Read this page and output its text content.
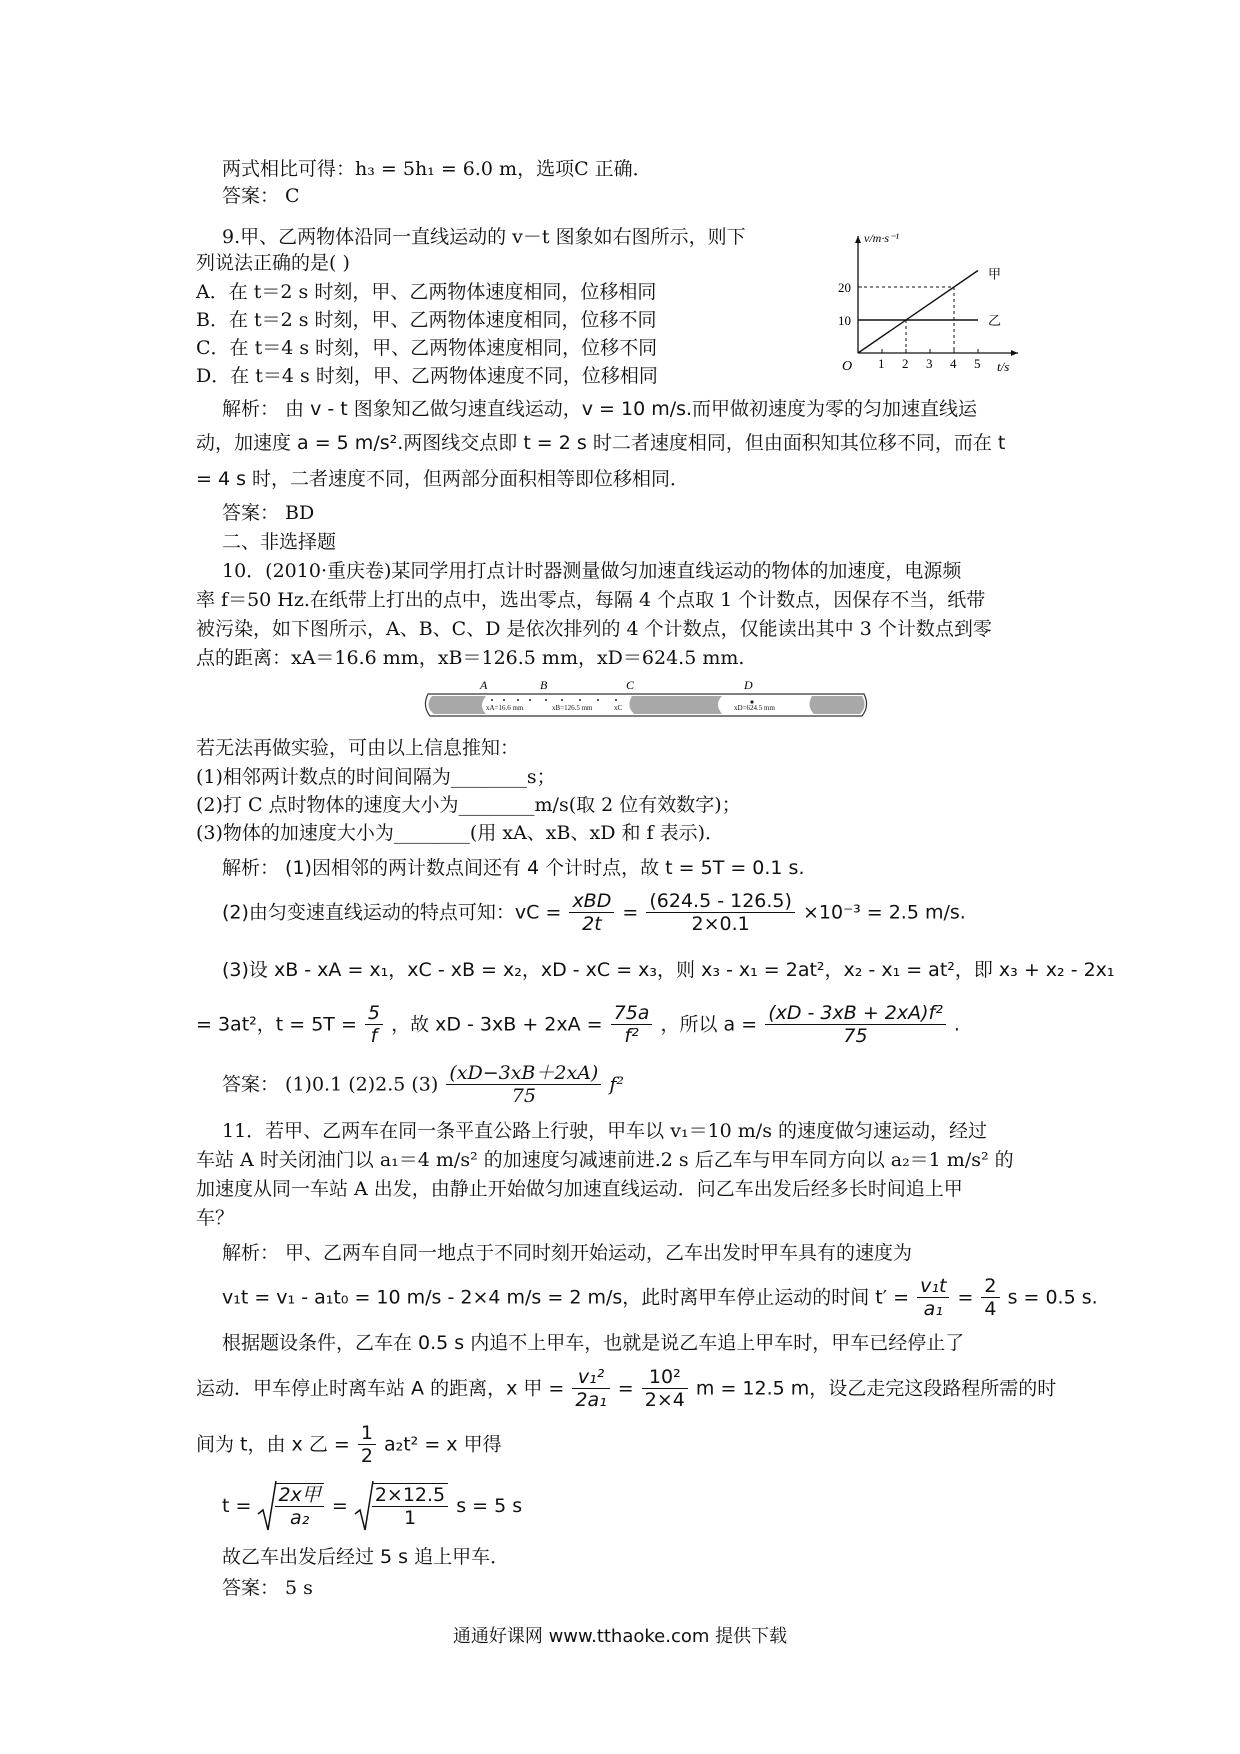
两式相比可得：h₃ = 5h₁ = 6.0 m，选项C 正确．
答案： C
9.甲、乙两物体沿同一直线运动的 v－t 图象如右图所示，则下
列说法正确的是( )
A．在 t＝2 s 时刻，甲、乙两物体速度相同，位移相同
B．在 t＝2 s 时刻，甲、乙两物体速度相同，位移不同
C．在 t＝4 s 时刻，甲、乙两物体速度相同，位移不同
D．在 t＝4 s 时刻，甲、乙两物体速度不同，位移相同
v/m·s⁻¹
t/s
O 1 2 3 4 5
20
10
甲
乙
解析： 由 v - t 图象知乙做匀速直线运动，v = 10 m/s.而甲做初速度为零的匀加速直线运
动，加速度 a = 5 m/s².两图线交点即 t = 2 s 时二者速度相同，但由面积知其位移不同，而在 t
= 4 s 时，二者速度不同，但两部分面积相等即位移相同．
答案： BD
二、非选择题
10．(2010·重庆卷)某同学用打点计时器测量做匀加速直线运动的物体的加速度，电源频
率 f＝50 Hz.在纸带上打出的点中，选出零点，每隔 4 个点取 1 个计数点，因保存不当，纸带
被污染，如下图所示，A、B、C、D 是依次排列的 4 个计数点，仅能读出其中 3 个计数点到零
点的距离：xA＝16.6 mm，xB＝126.5 mm，xD＝624.5 mm.
A	B	C	D
xA=16.6 mm	xB=126.5 mm	xC	xD=624.5 mm
若无法再做实验，可由以上信息推知：
(1)相邻两计数点的时间间隔为________s；
(2)打 C 点时物体的速度大小为________m/s(取 2 位有效数字)；
(3)物体的加速度大小为________(用 xA、xB、xD 和 f 表示)．
解析： (1)因相邻的两计数点间还有 4 个计时点，故 t = 5T = 0.1 s.
(2)由匀变速直线运动的特点可知：vC = $\frac{\text{xBD}}{2t} = \frac{(624.5 - 126.5)}{2\times 0.1} \times 10^{-3} = 2.5$ m/s.
(3)设 xB - xA = x₁，xC - xB = x₂，xD - xC = x₃，则 x₃ - x₁ = 2at²，x₂ - x₁ = at²，即 x₃ + x₂ - 2x₁
= 3at²，$t = 5T = \frac{5}{f}$ ，故 xD - $3xB + 2xA = \frac{75a}{\text{f²}}$ ，所以 $a = \frac{\text{(xD - 3xB + 2xA)f²}}{75}$ .
答案： (1)0.1 (2)2.5 $(3) \frac{(xD-3xB+2xA)}{75} f^2$
11．若甲、乙两车在同一条平直公路上行驶，甲车以 v₁＝10 m/s 的速度做匀速运动，经过
车站 A 时关闭油门以 a₁＝4 m/s² 的加速度匀减速前进.2 s 后乙车与甲车同方向以 a₂＝1 m/s² 的
加速度从同一车站 A 出发，由静止开始做匀加速直线运动．问乙车出发后经多长时间追上甲
车？
解析： 甲、乙两车自同一地点于不同时刻开始运动，乙车出发时甲车具有的速度为
v₁t = v₁ - a₁t₀ = 10 m/s - 2×4 m/s = 2 m/s，此时离甲车停止运动的时间 $t' = \frac{\text{v₁t}}{\text{a₁}} = \frac{2}{4}$ s = 0.5 s.
根据题设条件，乙车在 0.5 s 内追不上甲车，也就是说乙车追上甲车时，甲车已经停止了
运动．甲车停止时离车站 A 的距离，x 甲 = $\frac{\text{v₁²}}{\text{2a₁}} = \frac{\text{10²}}{2\times 4}$ m = 12.5 m，设乙走完这段路程所需的时
间为 t，由 x 乙 = $\frac{1}{2} a_2t^2 = x$ 甲得
$t = \frac{\text{2x甲}}{\text{a₂}} = \frac{2\times 12.5}{1}$ s = 5 s
故乙车出发后经过 5 s 追上甲车．
答案： 5 s
通通好课网 www.tthaoke.com 提供下载
